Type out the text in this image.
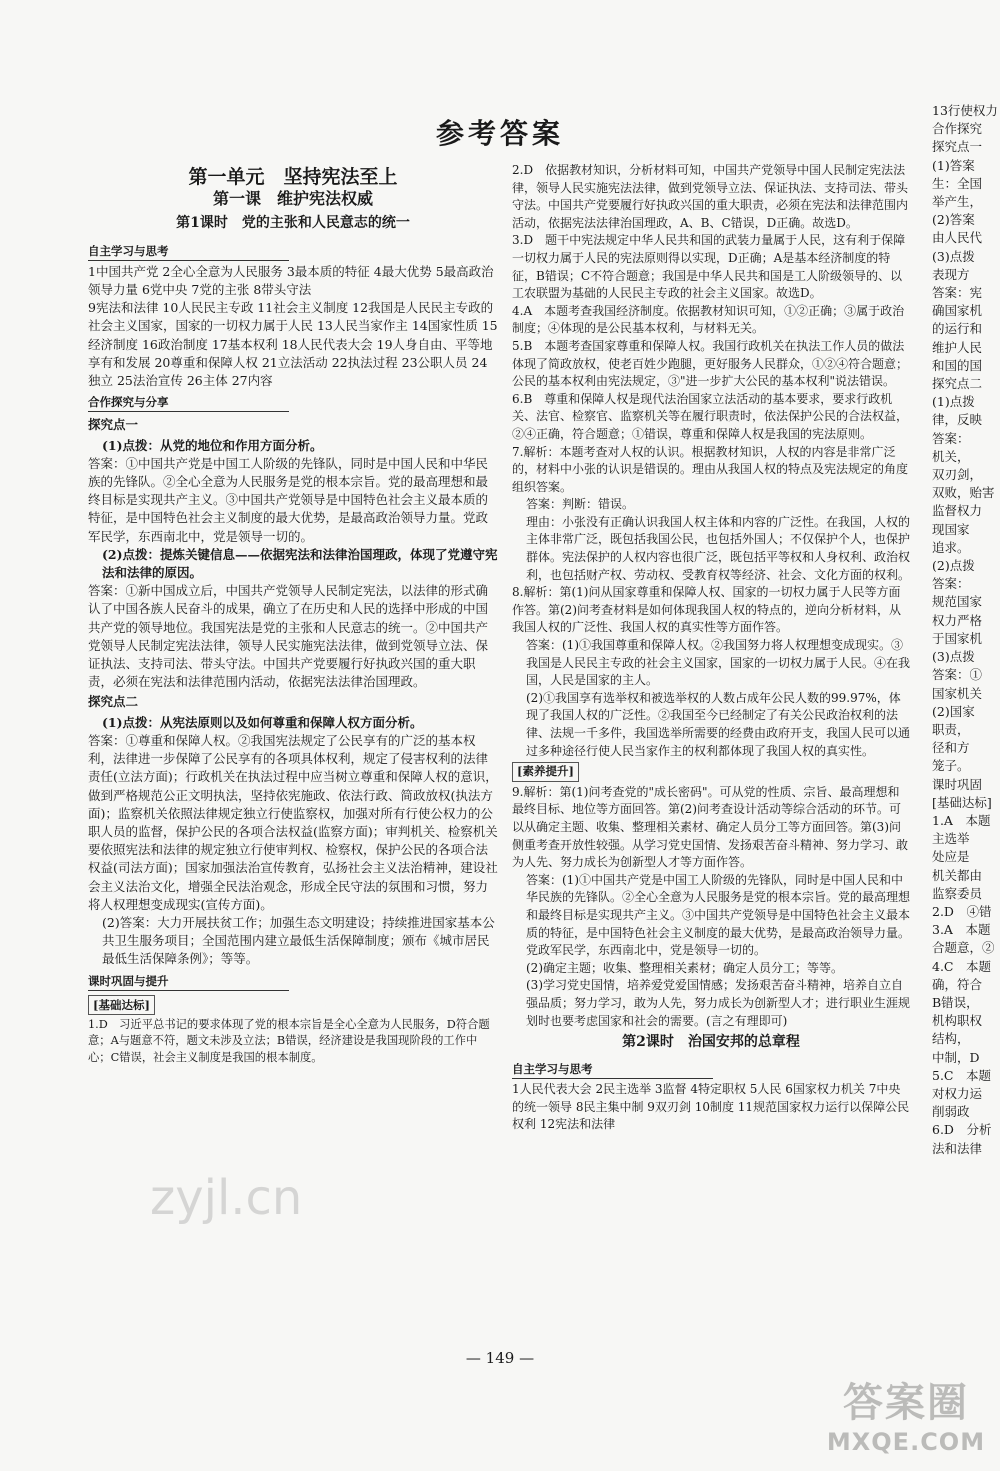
参考答案
第一单元　坚持宪法至上
第一课　维护宪法权威
第1课时　党的主张和人民意志的统一
自主学习与思考

1中国共产党 2全心全意为人民服务 3最本质的特征 4最大优势 5最高政治领导力量 6党中央 7党的主张 8带头守法

9宪法和法律 10人民民主专政 11社会主义制度 12我国是人民民主专政的社会主义国家，国家的一切权力属于人民 13人民当家作主 14国家性质 15经济制度 16政治制度 17基本权利 18人民代表大会 19人身自由、平等地享有和发展 20尊重和保障人权 21立法活动 22执法过程 23公职人员 24独立 25法治宣传 26主体 27内容

合作探究与分享
探究点一

(1)点拨：从党的地位和作用方面分析。

答案：①中国共产党是中国工人阶级的先锋队，同时是中国人民和中华民族的先锋队。②全心全意为人民服务是党的根本宗旨。党的最高理想和最终目标是实现共产主义。③中国共产党领导是中国特色社会主义最本质的特征，是中国特色社会主义制度的最大优势，是最高政治领导力量。党政军民学，东西南北中，党是领导一切的。

(2)点拨：提炼关键信息——依据宪法和法律治国理政，体现了党遵守宪法和法律的原因。

答案：①新中国成立后，中国共产党领导人民制定宪法，以法律的形式确认了中国各族人民奋斗的成果，确立了在历史和人民的选择中形成的中国共产党的领导地位。我国宪法是党的主张和人民意志的统一。②中国共产党领导人民制定宪法法律，领导人民实施宪法法律，做到党领导立法、保证执法、支持司法、带头守法。中国共产党要履行好执政兴国的重大职责，必须在宪法和法律范围内活动，依据宪法法律治国理政。

探究点二

(1)点拨：从宪法原则以及如何尊重和保障人权方面分析。

答案：①尊重和保障人权。②我国宪法规定了公民享有的广泛的基本权利，法律进一步保障了公民享有的各项具体权利，规定了侵害权利的法律责任(立法方面)；行政机关在执法过程中应当树立尊重和保障人权的意识，做到严格规范公正文明执法，坚持依宪施政、依法行政、简政放权(执法方面)；监察机关依照法律规定独立行使监察权，加强对所有行使公权力的公职人员的监督，保护公民的各项合法权益(监察方面)；审判机关、检察机关要依照宪法和法律的规定独立行使审判权、检察权，保护公民的各项合法权益(司法方面)；国家加强法治宣传教育，弘扬社会主义法治精神，建设社会主义法治文化，增强全民法治观念，形成全民守法的氛围和习惯，努力将人权理想变成现实(宣传方面)。

(2)答案：大力开展扶贫工作；加强生态文明建设；持续推进国家基本公共卫生服务项目；全国范围内建立最低生活保障制度；颁布《城市居民最低生活保障条例》；等等。

课时巩固与提升
[基础达标]

1.D　习近平总书记的要求体现了党的根本宗旨是全心全意为人民服务，D符合题意；A与题意不符，题文未涉及立法；B错误，经济建设是我国现阶段的工作中心；C错误，社会主义制度是我国的根本制度。

2.D　依据教材知识，分析材料可知，中国共产党领导中国人民制定宪法法律，领导人民实施宪法法律，做到党领导立法、保证执法、支持司法、带头守法。中国共产党要履行好执政兴国的重大职责，必须在宪法和法律范围内活动，依据宪法法律治国理政，A、B、C错误，D正确。故选D。

3.D　题干中宪法规定中华人民共和国的武装力量属于人民，这有利于保障一切权力属于人民的宪法原则得以实现，D正确；A是基本经济制度的特征，B错误；C不符合题意；我国是中华人民共和国是工人阶级领导的、以工农联盟为基础的人民民主专政的社会主义国家。故选D。

4.A　本题考查我国经济制度。依据教材知识可知，①②正确；③属于政治制度；④体现的是公民基本权利，与材料无关。

5.B　本题考查国家尊重和保障人权。我国行政机关在执法工作人员的做法体现了简政放权，使老百姓少跑腿，更好服务人民群众，①②④符合题意；公民的基本权利由宪法规定，③"进一步扩大公民的基本权利"说法错误。

6.B　尊重和保障人权是现代法治国家立法活动的基本要求，要求行政机关、法官、检察官、监察机关等在履行职责时，依法保护公民的合法权益，②④正确，符合题意；①错误，尊重和保障人权是我国的宪法原则。

7.解析：本题考查对人权的认识。根据教材知识，人权的内容是非常广泛的，材料中小张的认识是错误的。理由从我国人权的特点及宪法规定的角度组织答案。

答案：判断：错误。

理由：小张没有正确认识我国人权主体和内容的广泛性。在我国，人权的主体非常广泛，既包括我国公民，也包括外国人；不仅保护个人，也保护群体。宪法保护的人权内容也很广泛，既包括平等权和人身权利、政治权利，也包括财产权、劳动权、受教育权等经济、社会、文化方面的权利。

8.解析：第(1)问从国家尊重和保障人权、国家的一切权力属于人民等方面作答。第(2)问考查材料是如何体现我国人权的特点的，逆向分析材料，从我国人权的广泛性、我国人权的真实性等方面作答。

答案：(1)①我国尊重和保障人权。②我国努力将人权理想变成现实。③我国是人民民主专政的社会主义国家，国家的一切权力属于人民。④在我国，人民是国家的主人。

(2)①我国享有选举权和被选举权的人数占成年公民人数的99.97%，体现了我国人权的广泛性。②我国至今已经制定了有关公民政治权利的法律、法规一千多件，我国选举所需要的经费由政府开支，我国人民可以通过多种途径行使人民当家作主的权利都体现了我国人权的真实性。

[素养提升]

9.解析：第(1)问考查党的"成长密码"。可从党的性质、宗旨、最高理想和最终目标、地位等方面回答。第(2)问考查设计活动等综合活动的环节。可以从确定主题、收集、整理相关素材、确定人员分工等方面回答。第(3)问侧重考查开放性较强。从学习党史国情、发扬艰苦奋斗精神、努力学习、敢为人先、努力成长为创新型人才等方面作答。

答案：(1)①中国共产党是中国工人阶级的先锋队，同时是中国人民和中华民族的先锋队。②全心全意为人民服务是党的根本宗旨。党的最高理想和最终目标是实现共产主义。③中国共产党领导是中国特色社会主义最本质的特征，是中国特色社会主义制度的最大优势，是最高政治领导力量。党政军民学，东西南北中，党是领导一切的。

(2)确定主题；收集、整理相关素材；确定人员分工；等等。

(3)学习党史国情，培养爱党爱国情感；发扬艰苦奋斗精神，培养自立自强品质；努力学习，敢为人先，努力成长为创新型人才；进行职业生涯规划时也要考虑国家和社会的需要。(言之有理即可)

第2课时　治国安邦的总章程
自主学习与思考

1人民代表大会 2民主选举 3监督 4特定职权 5人民 6国家权力机关 7中央的统一领导 8民主集中制 9双刃剑 10制度 11规范国家权力运行以保障公民权利 12宪法和法律

13行使权力
合作探究
探究点一
(1)答案
生：全国
举产生，
(2)答案
由人民代
(3)点拨
表现方
答案：宪
确国家机
的运行和
维护人民
和国的国
探究点二
(1)点拨
律，反映
答案：
机关，
双刃剑，
双败，贻害
监督权力
现国家
追求。
(2)点拨
答案：
规范国家
权力严格
于国家机
(3)点拨
答案：①
国家机关
(2)国家
职责，
径和方
笼子。
课时巩固
[基础达标]
1.A　本题
主选举
处应是
机关都由
监察委员
2.D　④错
3.A　本题
合题意，②
4.C　本题
确，符合
B错误，
机构职权
结构，
中制，D
5.C　本题
对权力运
削弱政
6.D　分析
法和法律
— 149 —
zyjl.cn
答案圈
MXQE.COM
